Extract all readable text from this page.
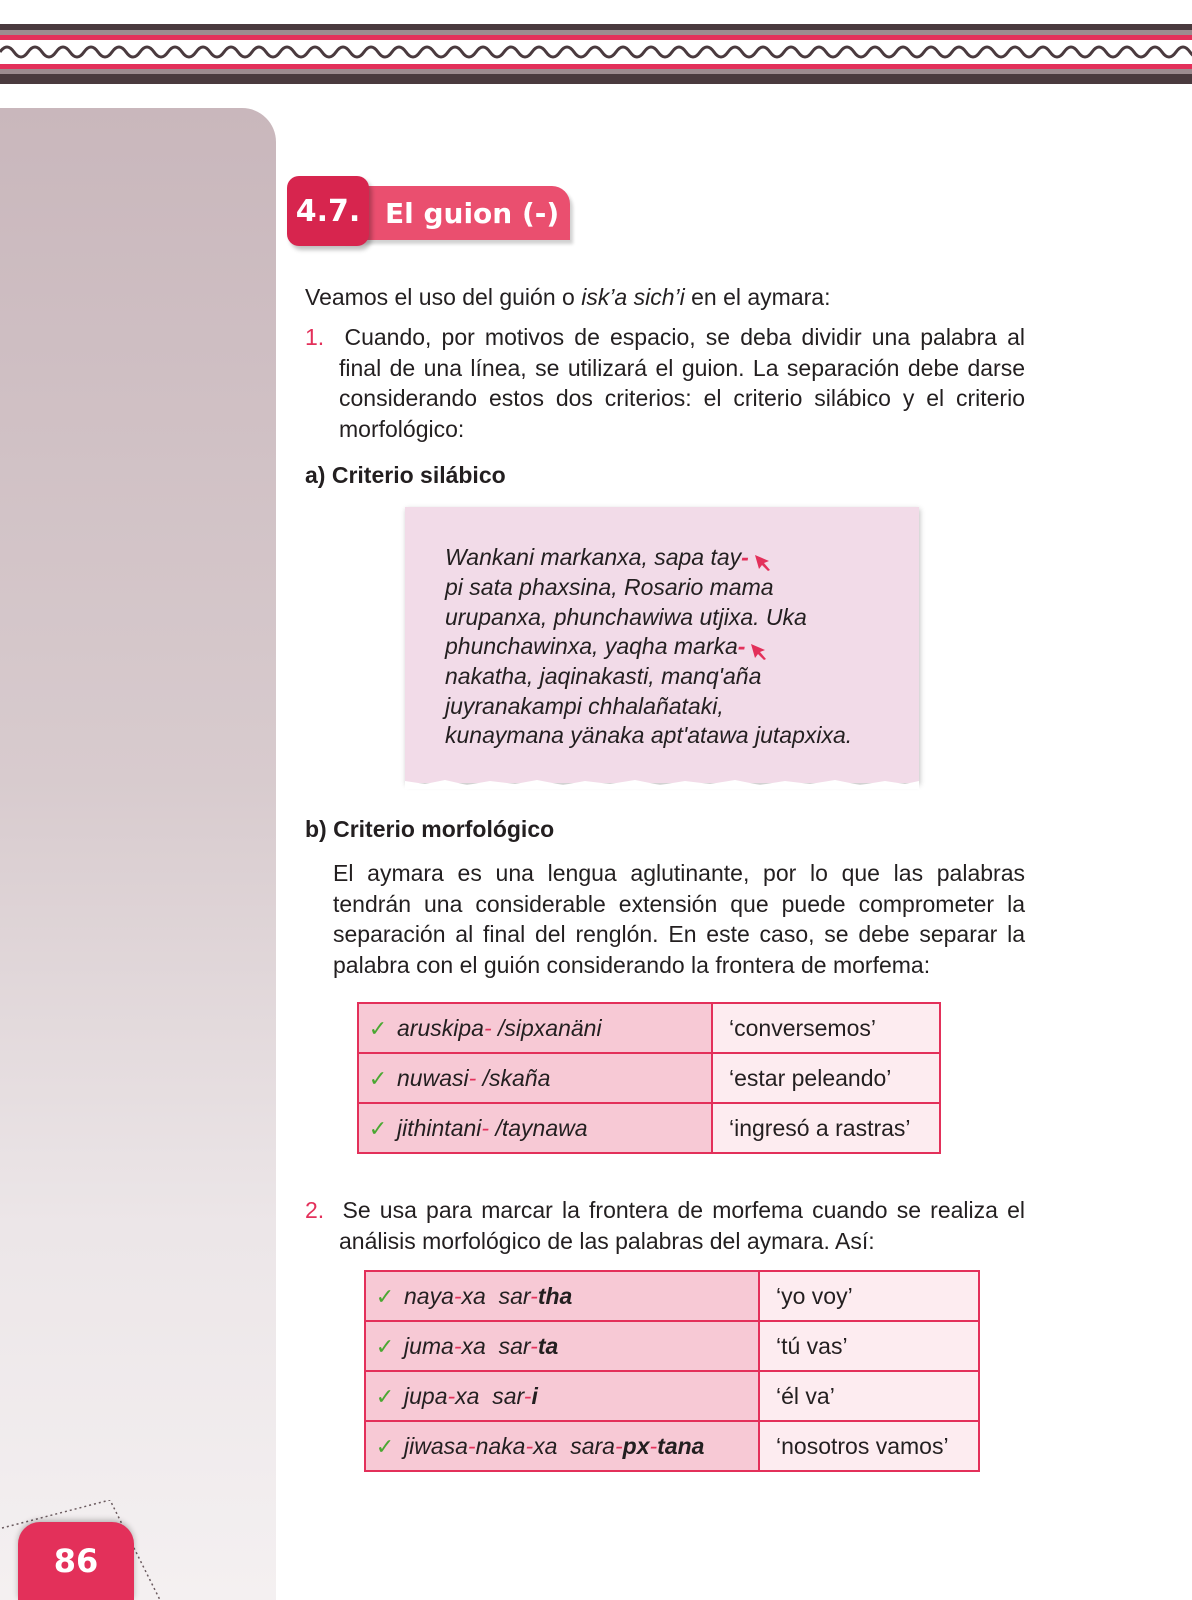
86
4.7. El guion (-)
Veamos el uso del guión o isk’a sich’i en el aymara:
1. Cuando, por motivos de espacio, se deba dividir una palabra al final de una línea, se utilizará el guion. La separación debe darse considerando estos dos criterios: el criterio silábico y el criterio morfológico:
a) Criterio silábico
Wankani markanxa, sapa tay-
pi sata phaxsina, Rosario mama
urupanxa, phunchawiwa utjixa. Uka
phunchawinxa, yaqha marka-
nakatha, jaqinakasti, manq'aña
juyranakampi chhalañataki,
kunaymana yänaka apt'atawa jutapxixa.
b) Criterio morfológico
El aymara es una lengua aglutinante, por lo que las palabras tendrán una considerable extensión que puede comprometer la separación al final del renglón. En este caso, se debe separar la palabra con el guión considerando la frontera de morfema:
✓ aruskipa- /sipxanäni	‘conversemos’
✓ nuwasi- /skaña	‘estar peleando’
✓ jithintani- /taynawa	‘ingresó a rastras’
2. Se usa para marcar la frontera de morfema cuando se realiza el análisis morfológico de las palabras del aymara. Así:
✓ naya-xa sar-tha	‘yo voy’
✓ juma-xa sar-ta	‘tú vas’
✓ jupa-xa sar-i	‘él va’
✓ jiwasa-naka-xa sara-px-tana	‘nosotros vamos’
